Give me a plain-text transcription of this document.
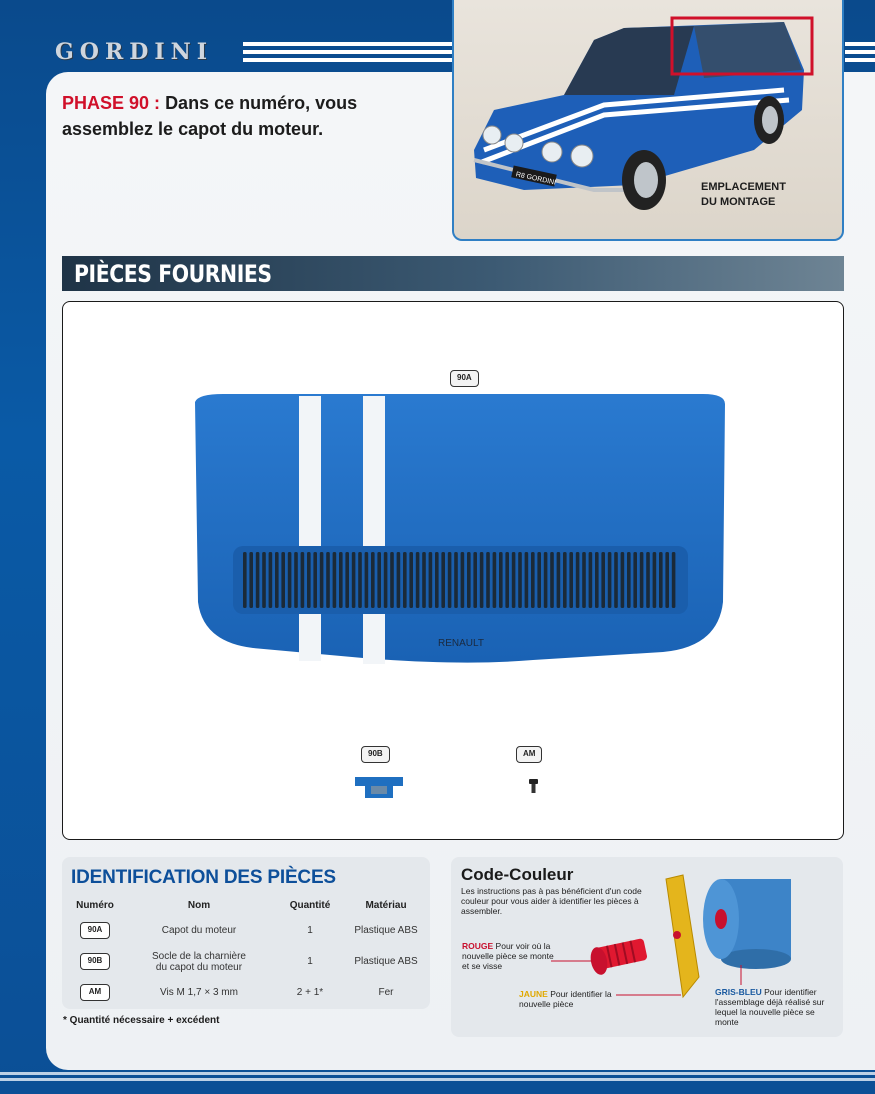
GORDINI
PHASE 90 : Dans ce numéro, vous assemblez le capot du moteur.
R8 GORDINI
EMPLACEMENT
DU MONTAGE
PIÈCES FOURNIES
RENAULT
90A
90B	AM
IDENTIFICATION DES PIÈCES
Numéro	Nom	Quantité	Matériau
90A	Capot du moteur	1	Plastique ABS
90B	Socle de la charnière
du capot du moteur	1	Plastique ABS
AM	Vis M 1,7 × 3 mm	2 + 1*	Fer
* Quantité nécessaire + excédent
Code-Couleur
Les instructions pas à pas bénéficient d'un code couleur pour vous aider à identifier les pièces à assembler.
ROUGE Pour voir où la nouvelle pièce se monte et se visse
JAUNE Pour identifier la nouvelle pièce
GRIS-BLEU Pour identifier l'assemblage déjà réalisé sur lequel la nouvelle pièce se monte
